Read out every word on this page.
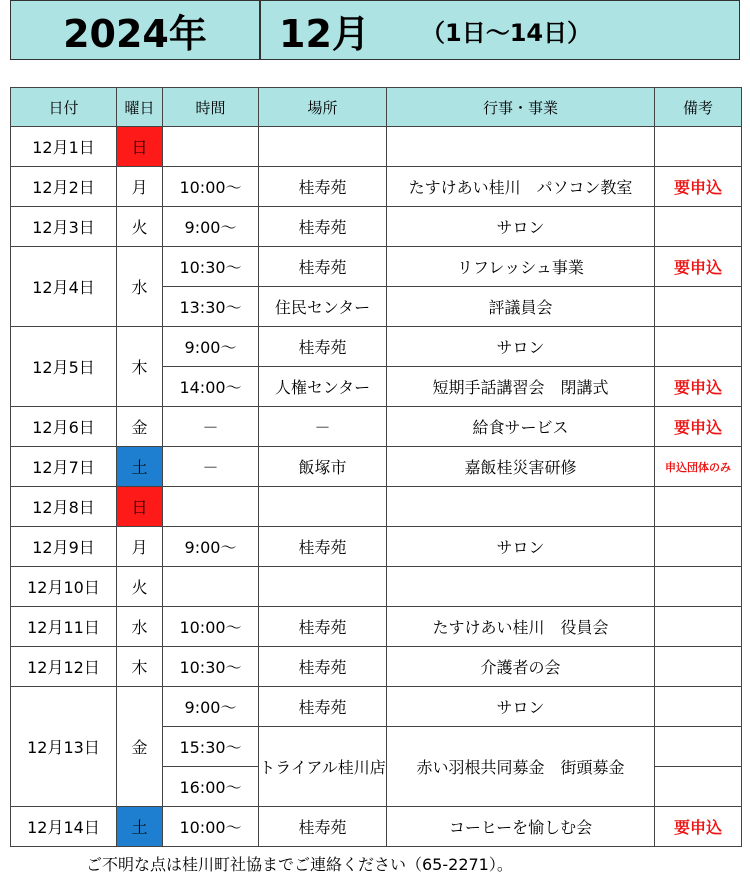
2024年	12月 （1日～14日）
日付	曜日	時間	場所	行事・事業	備考
12月1日	日				
12月2日	月	10:00～	桂寿苑	たすけあい桂川　パソコン教室	要申込
12月3日	火	9:00～	桂寿苑	サロン	
12月4日	水	10:30～	桂寿苑	リフレッシュ事業	要申込
		13:30～	住民センター	評議員会	
12月5日	木	9:00～	桂寿苑	サロン	
		14:00～	人権センター	短期手話講習会　閉講式	要申込
12月6日	金	－	－	給食サービス	要申込
12月7日	土	－	飯塚市	嘉飯桂災害研修	申込団体のみ
12月8日	日				
12月9日	月	9:00～	桂寿苑	サロン	
12月10日	火				
12月11日	水	10:00～	桂寿苑	たすけあい桂川　役員会	
12月12日	木	10:30～	桂寿苑	介護者の会	
12月13日	金	9:00～	桂寿苑	サロン	
		15:30～	トライアル桂川店	赤い羽根共同募金　街頭募金	
		16:00～			
12月14日	土	10:00～	桂寿苑	コーヒーを愉しむ会	要申込
ご不明な点は桂川町社協までご連絡ください（65-2271）。
